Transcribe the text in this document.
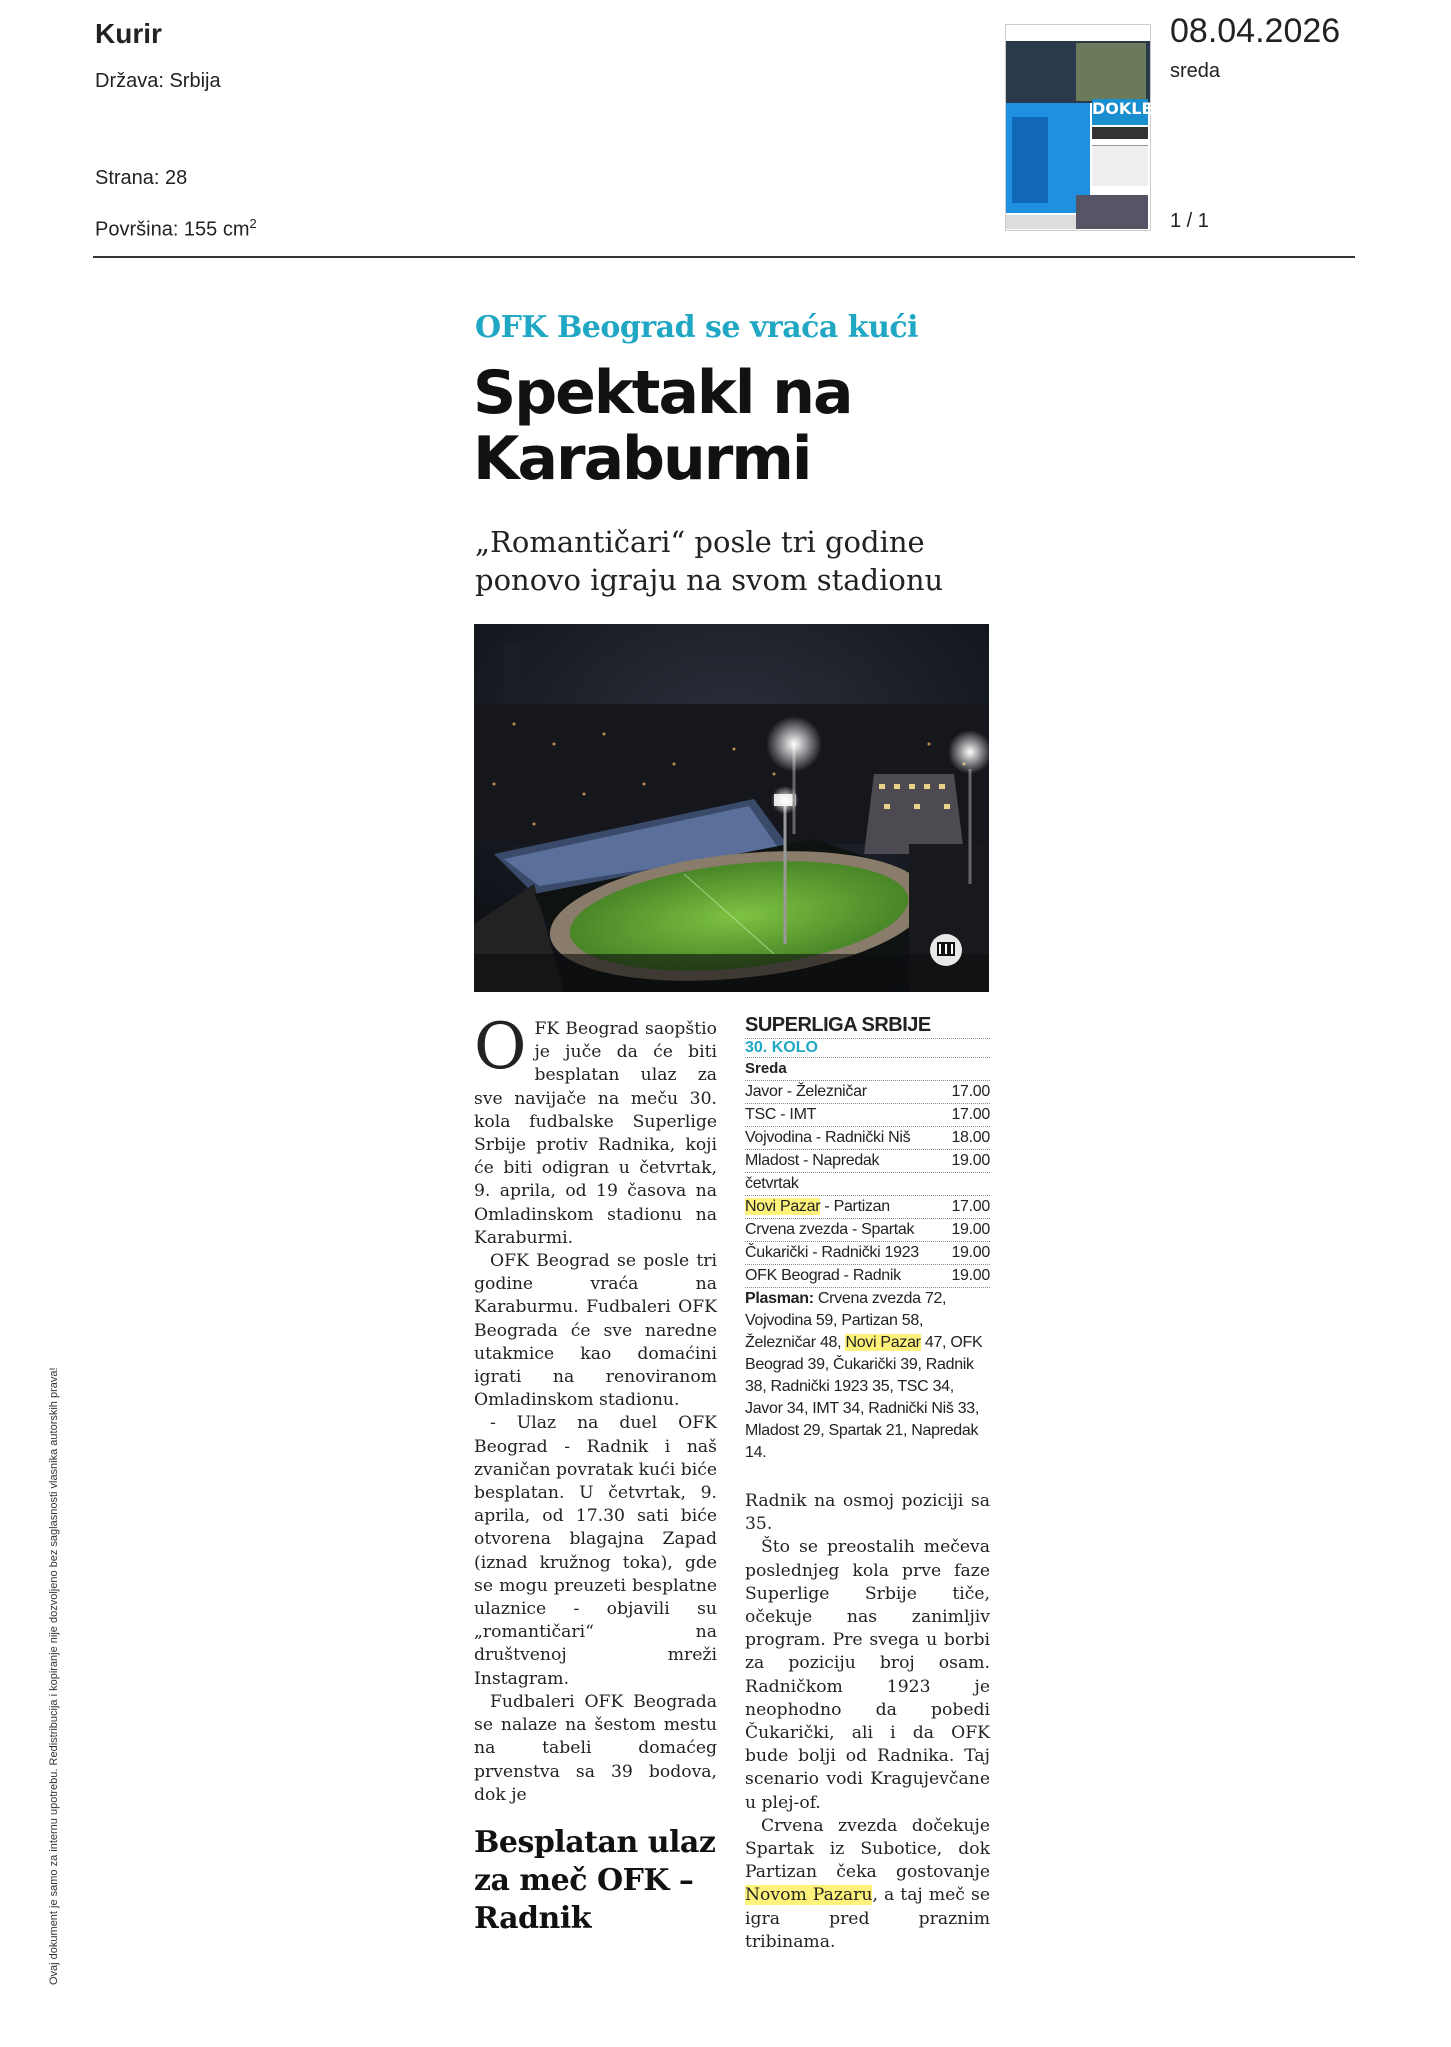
Kurir
Država: Srbija
Strana: 28
Površina: 155 $cm^2$
DOKLE?
08.04.2026
sreda
1 / 1
OFK Beograd se vraća kući
Spektakl na Karaburmi
„Romantičari“ posle tri godine ponovo igraju na svom stadionu

OFK Beograd saopštio je juče da će biti besplatan ulaz za sve navijače na meču 30. kola fudbalske Superlige Srbije protiv Radnika, koji će biti odigran u četvrtak, 9. aprila, od 19 časova na Omladinskom stadionu na Karaburmi.

OFK Beograd se posle tri godine vraća na Karaburmu. Fudbaleri OFK Beograda će sve naredne utakmice kao domaćini igrati na renoviranom Omladinskom stadionu.

- Ulaz na duel OFK Beograd - Radnik i naš zvaničan povratak kući biće besplatan. U četvrtak, 9. aprila, od 17.30 sati biće otvorena blagajna Zapad (iznad kružnog toka), gde se mogu preuzeti besplatne ulaznice - objavili su „romantičari“ na društvenoj mreži Instagram.

Fudbaleri OFK Beograda se nalaze na šestom mestu na tabeli domaćeg prvenstva sa 39 bodova, dok je

Besplatan ulaz za meč OFK – Radnik
SUPERLIGA SRBIJE
30. KOLO
Sreda
Javor - Železničar	17.00
TSC - IMT	17.00
Vojvodina - Radnički Niš	18.00
Mladost - Napredak	19.00
četvrtak
Novi Pazar - Partizan	17.00
Crvena zvezda - Spartak 19.00
Čukarički - Radnički 1923 19.00
OFK Beograd - Radnik	19.00
Plasman: Crvena zvezda 72, Vojvodina 59, Partizan 58, Železničar 48, Novi Pazar 47, OFK Beograd 39, Čukarički 39, Radnik 38, Radnički 1923 35, TSC 34, Javor 34, IMT 34, Radnički Niš 33, Mladost 29, Spartak 21, Napredak 14.

Radnik na osmoj poziciji sa 35.

Što se preostalih mečeva poslednjeg kola prve faze Superlige Srbije tiče, očekuje nas zanimljiv program. Pre svega u borbi za poziciju broj osam. Radničkom 1923 je neophodno da pobedi Čukarički, ali i da OFK bude bolji od Radnika. Taj scenario vodi Kragujevčane u plej-of.

Crvena zvezda dočekuje Spartak iz Subotice, dok Partizan čeka gostovanje Novom Pazaru, a taj meč se igra pred praznim tribinama.

Ovaj dokument je samo za internu upotrebu. Redistribucija i kopiranje nije dozvoljeno bez saglasnosti vlasnika autorskih prava!
